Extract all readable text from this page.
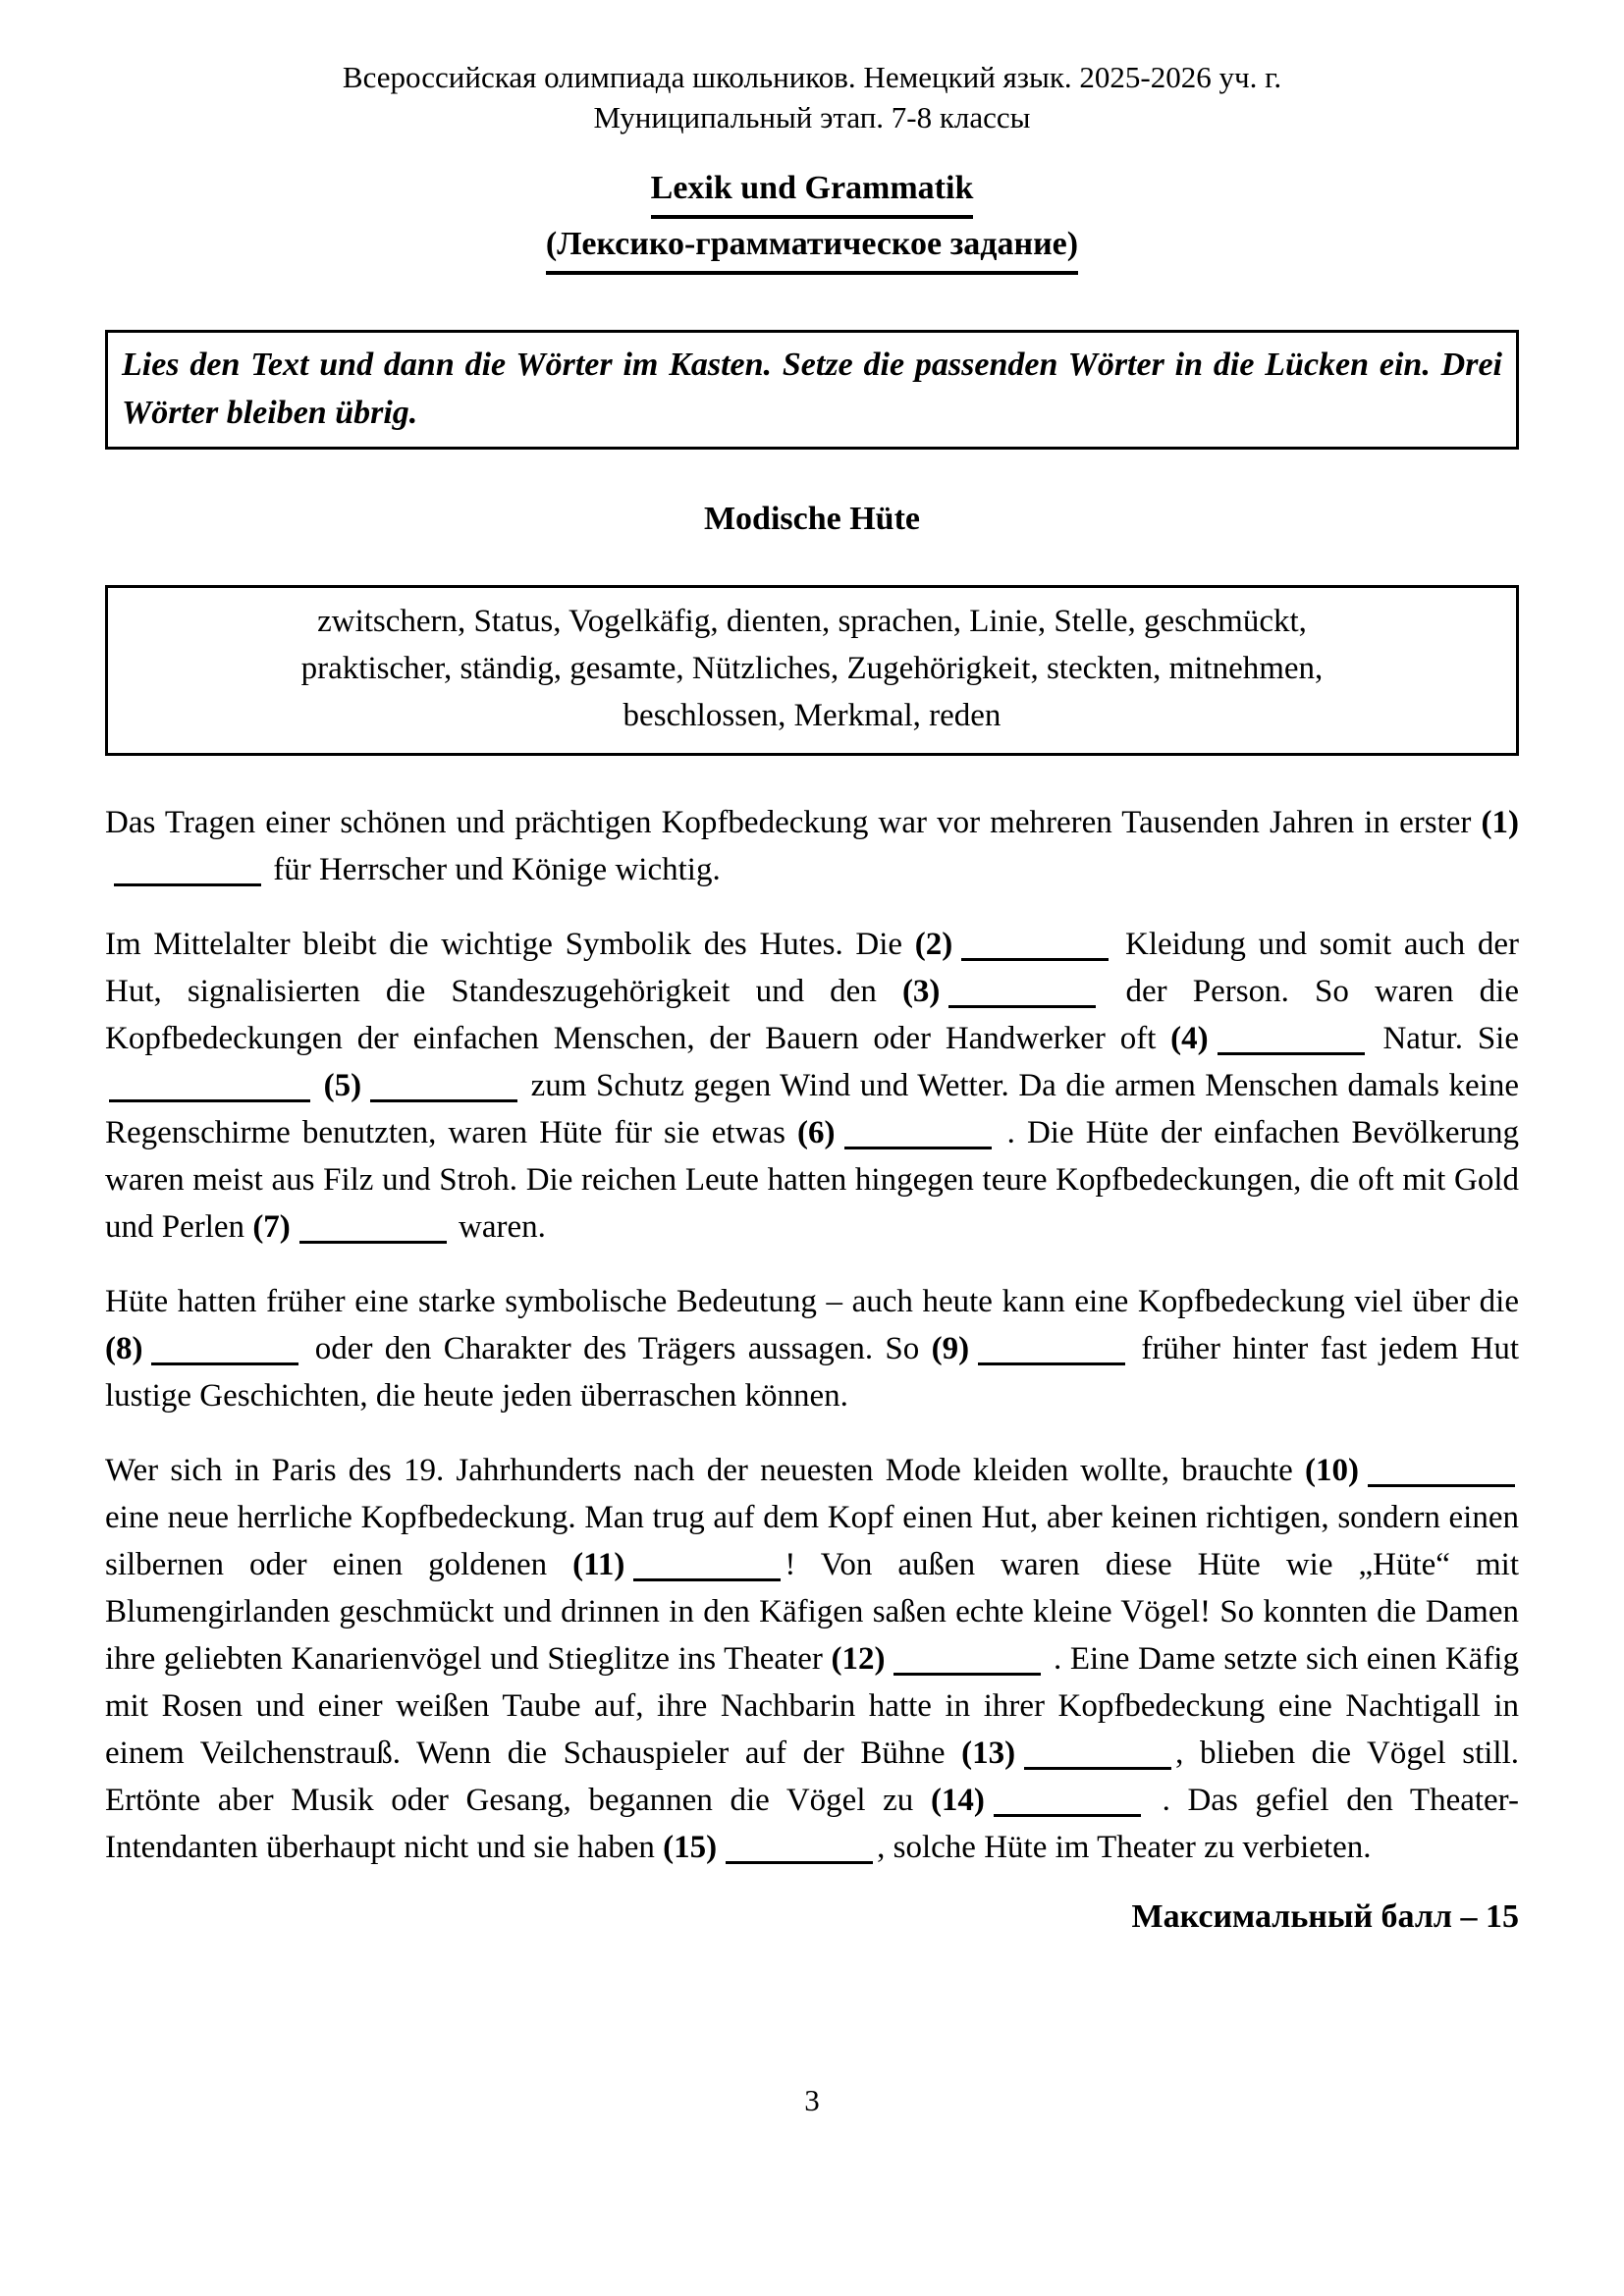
Всероссийская олимпиада школьников. Немецкий язык. 2025-2026 уч. г.
Муниципальный этап. 7-8 классы
Lexik und Grammatik
(Лексико-грамматическое задание)
Lies den Text und dann die Wörter im Kasten. Setze die passenden Wörter in die Lücken ein. Drei Wörter bleiben übrig.
Modische Hüte
zwitschern, Status, Vogelkäfig, dienten, sprachen, Linie, Stelle, geschmückt,
praktischer, ständig, gesamte, Nützliches, Zugehörigkeit, steckten, mitnehmen,
beschlossen, Merkmal, reden

Das Tragen einer schönen und prächtigen Kopfbedeckung war vor mehreren Tausenden Jahren in erster (1) für Herrscher und Könige wichtig.

Im Mittelalter bleibt die wichtige Symbolik des Hutes. Die (2)	Kleidung und somit auch der Hut, signalisierten die Standeszugehörigkeit und den (3)	der Person. So waren die Kopfbedeckungen der einfachen Menschen, der Bauern oder Handwerker oft (4)	Natur. Sie  (5)	zum Schutz gegen Wind und Wetter. Da die armen Menschen damals keine Regenschirme benutzten, waren Hüte für sie etwas (6)	. Die Hüte der einfachen Bevölkerung waren meist aus Filz und Stroh. Die reichen Leute hatten hingegen teure Kopfbedeckungen, die oft mit Gold und Perlen (7)	waren.

Hüte hatten früher eine starke symbolische Bedeutung – auch heute kann eine Kopfbedeckung viel über die (8)	oder den Charakter des Trägers aussagen. So (9)	früher hinter fast jedem Hut lustige Geschichten, die heute jeden überraschen können.

Wer sich in Paris des 19. Jahrhunderts nach der neuesten Mode kleiden wollte, brauchte (10) eine neue herrliche Kopfbedeckung. Man trug auf dem Kopf einen Hut, aber keinen richtigen, sondern einen silbernen oder einen goldenen (11)	! Von außen waren diese Hüte wie „Hüte“ mit Blumengirlanden geschmückt und drinnen in den Käfigen saßen echte kleine Vögel! So konnten die Damen ihre geliebten Kanarienvögel und Stieglitze ins Theater (12)	. Eine Dame setzte sich einen Käfig mit Rosen und einer weißen Taube auf, ihre Nachbarin hatte in ihrer Kopfbedeckung eine Nachtigall in einem Veilchenstrauß. Wenn die Schauspieler auf der Bühne (13)	, blieben die Vögel still. Ertönte aber Musik oder Gesang, begannen die Vögel zu (14)	. Das gefiel den Theater-Intendanten überhaupt nicht und sie haben (15)	, solche Hüte im Theater zu verbieten.

Максимальный балл – 15
3
